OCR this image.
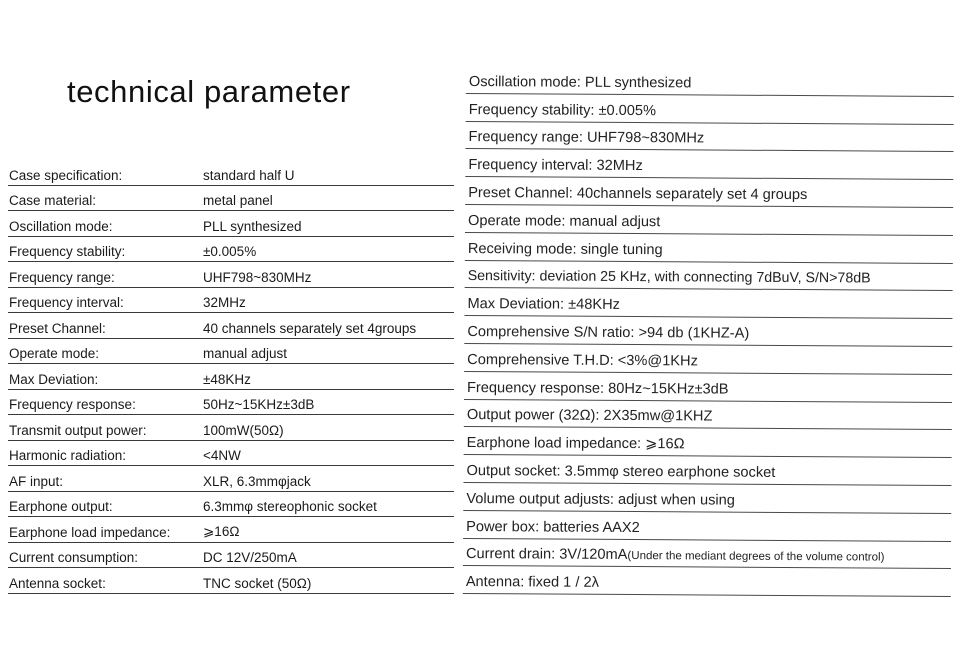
technical parameter
Case specification:	standard half U
Case material:	metal panel
Oscillation mode:	PLL synthesized
Frequency stability:	±0.005%
Frequency range:	UHF798~830MHz
Frequency interval:	32MHz
Preset Channel:	40 channels separately set 4groups
Operate mode:	manual adjust
Max Deviation:	±48KHz
Frequency response:	50Hz~15KHz±3dB
Transmit output power:	100mW(50Ω)
Harmonic radiation:	<4NW
AF input:	XLR, 6.3mmφjack
Earphone output:	6.3mmφ stereophonic socket
Earphone load impedance: ⩾16Ω
Current consumption:	DC 12V/250mA
Antenna socket:	TNC socket (50Ω)
Oscillation mode: PLL synthesized
Frequency stability: ±0.005%
Frequency range: UHF798~830MHz
Frequency interval: 32MHz
Preset Channel: 40channels separately set 4 groups
Operate mode: manual adjust
Receiving mode: single tuning
Sensitivity: deviation 25 KHz, with connecting 7dBuV, S/N>78dB
Max Deviation: ±48KHz
Comprehensive S/N ratio: >94 db (1KHZ-A)
Comprehensive T.H.D: <3%@1KHz
Frequency response: 80Hz~15KHz±3dB
Output power (32Ω): 2X35mw@1KHZ
Earphone load impedance: ⩾16Ω
Output socket: 3.5mmφ stereo earphone socket
Volume output adjusts: adjust when using
Power box: batteries AAX2
Current drain: 3V/120mA(Under the mediant degrees of the volume control)
Antenna: fixed 1 / 2λ
